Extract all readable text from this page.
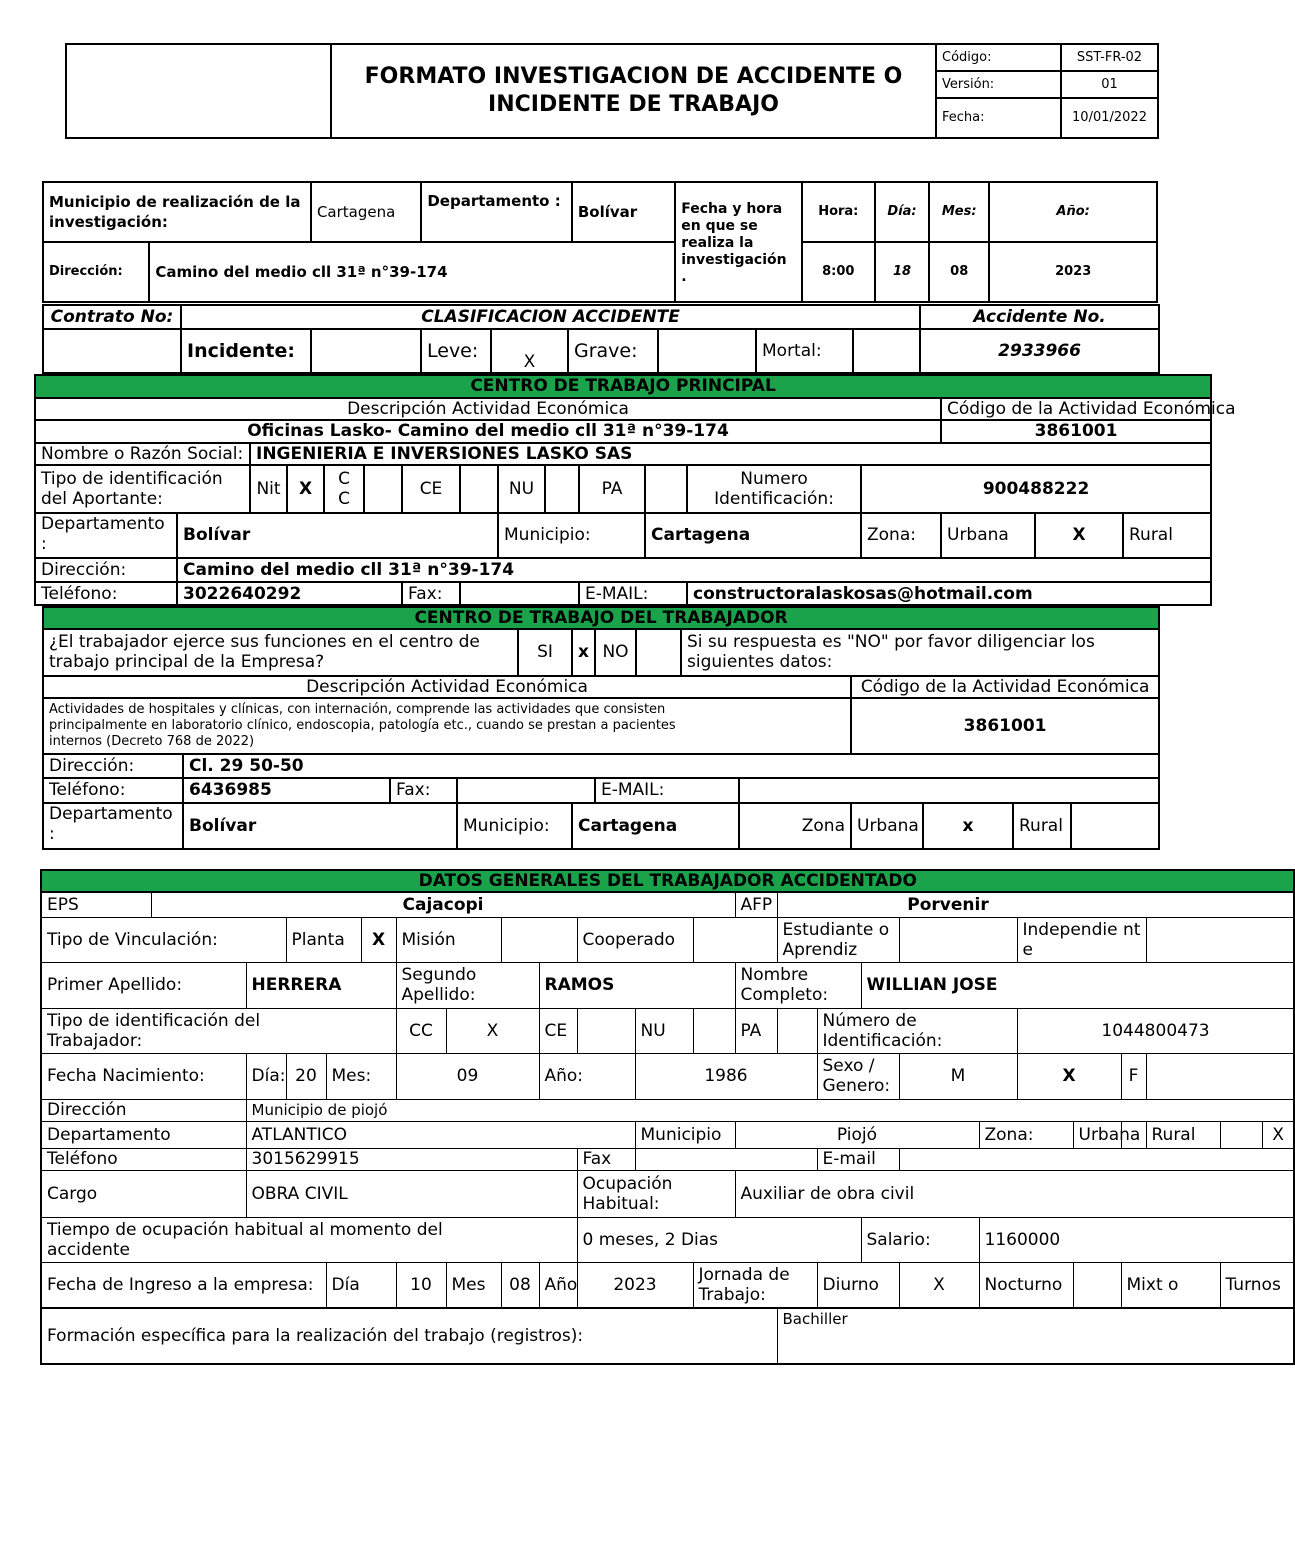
	FORMATO INVESTIGACION DE ACCIDENTE O
INCIDENTE DE TRABAJO	Código:	SST-FR-02
		Versión:	01
		Fecha:	10/01/2022
Municipio de realización de la investigación:		Cartagena	Departamento :	Bolívar	Fecha y hora en que se realiza la investigación .	Hora:	Día:	Mes:	Año:
Dirección:	Camino del medio cll 31ª n°39-174					8:00	18	08	2023
Contrato No:	CLASIFICACION ACCIDENTE								Accidente No.
	Incidente:		Leve:	X	Grave:		Mortal:		2933966
CENTRO DE TRABAJO PRINCIPAL																
Descripción Actividad Económica														Código de la Actividad Económica		
Oficinas Lasko- Camino del medio cll 31ª n°39-174														3861001		
Nombre o Razón Social:		INGENIERIA E INVERSIONES LASKO SAS														
Tipo de identificación del Aportante:		Nit	X	C C		CE		NU		PA		Numero Identificación:	900488222			
Departamento :	Bolívar							Municipio:			Cartagena		Zona:	Urbana	X	Rural
Dirección:	Camino del medio cll 31ª n°39-174															
Teléfono:	3022640292					Fax:				E-MAIL:		constructoralaskosas@hotmail.com				
CENTRO DE TRABAJO DEL TRABAJADOR													
¿El trabajador ejerce sus funciones en el centro de trabajo principal de la Empresa?				SI	x	NO		Si su respuesta es "NO" por favor diligenciar los siguientes datos:					
Descripción Actividad Económica										Código de la Actividad Económica			
Actividades de hospitales y clínicas, con internación, comprende las actividades que consisten principalmente en laboratorio clínico, endoscopia, patología etc., cuando se prestan a pacientes internos (Decreto 768 de 2022)										3861001			
Dirección:	Cl. 29 50-50												
Teléfono:	6436985	Fax:				E-MAIL:							
Departamento :	Bolívar		Municipio:		Cartagena				Zona	Urbana	x	Rural	
DATOS GENERALES DEL TRABAJADOR ACCIDENTADO																									
EPS	Cajacopi												AFP	Porvenir											
Tipo de Vinculación:			Planta		X	Misión				Cooperado				Estudiante o Aprendiz					Independie nte						
Primer Apellido:		HERRERA				Segundo Apellido:			RAMOS				Nombre Completo:			WILLIAN JOSE									
Tipo de identificación del Trabajador:						CC	X		CE		NU		PA		Número de Identificación:				1044800473						
Fecha Nacimiento:		Día:	20	Mes:		09			Año:		1986				Sexo / Genero:		M		X		F				
Dirección		Municipio de piojó																							
Departamento		ATLANTICO									Municipio		Piojó					Zona:		Urbana		Rural		X	
Teléfono		3015629915								Fax					E-mail										
Cargo		OBRA CIVIL								Ocupación Habitual:			Auxiliar de obra civil												
Tiempo de ocupación habitual al momento del accidente										0 meses, 2 Dias						Salario:		1160000							
Fecha de Ingreso a la empresa:				Día		10	Mes	08	Año	2023		Jornada de Trabajo:			Diurno		X	Nocturno			Mixt o		Turnos		
Formación específica para la realización del trabajo (registros):														Bachiller											
